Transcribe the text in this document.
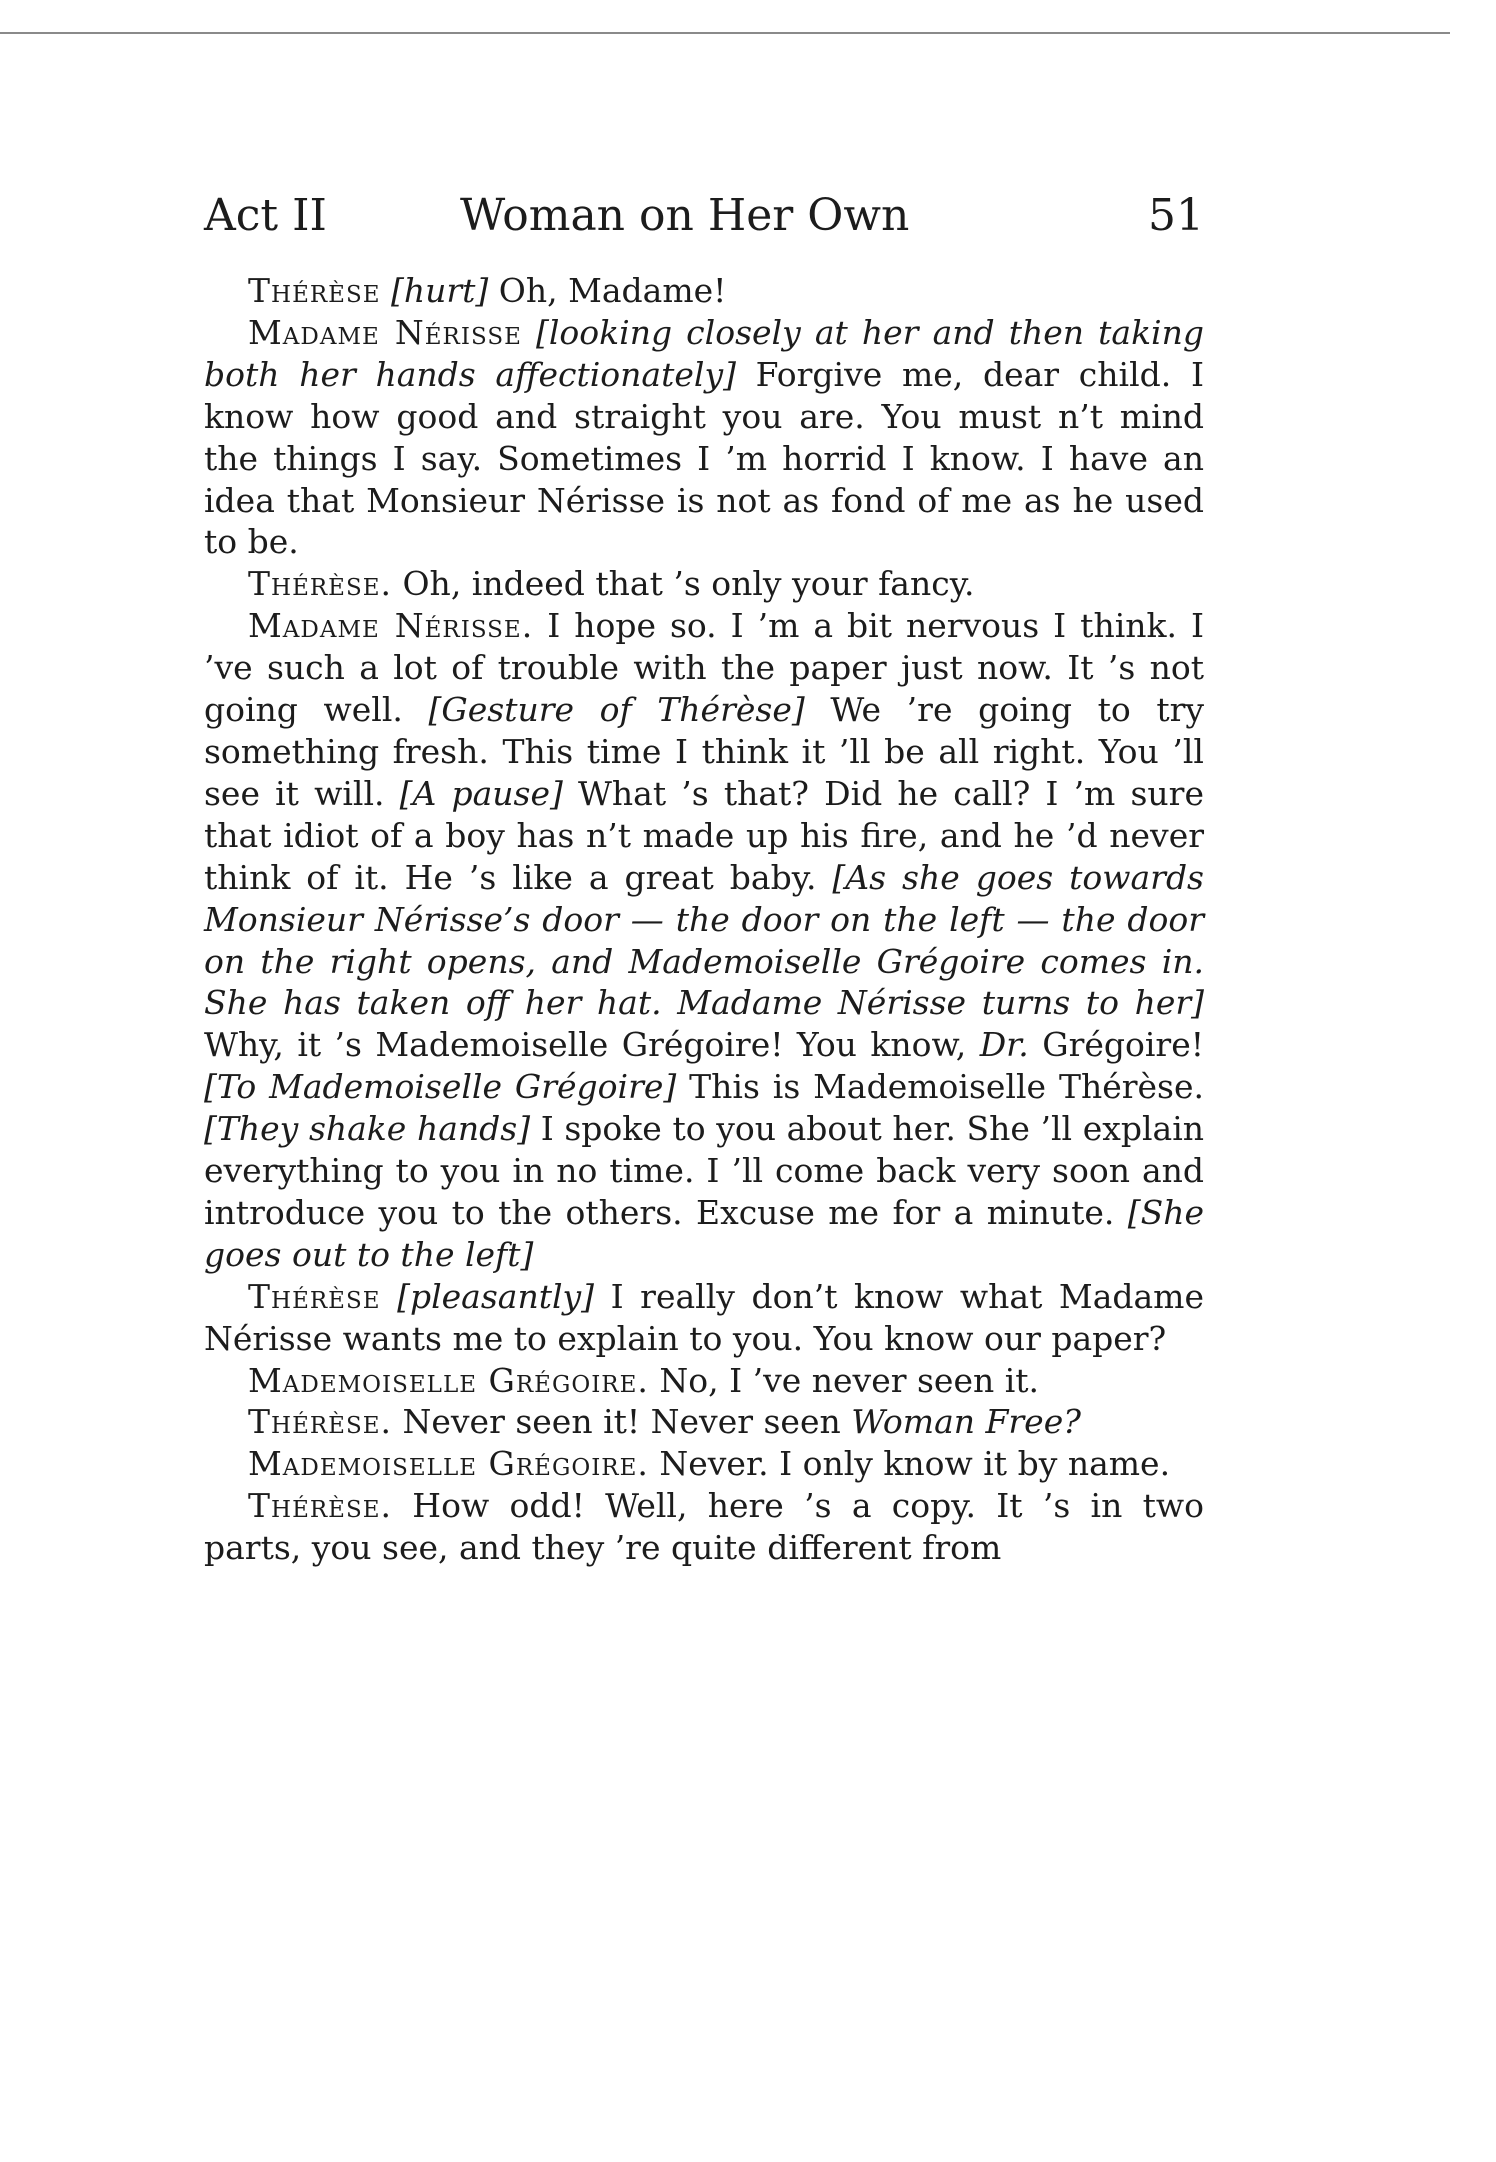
Act II	Woman on Her Own	51

Thérèse [hurt] Oh, Madame!

Madame Nérisse [looking closely at her and then taking both her hands affectionately] Forgive me, dear child. I know how good and straight you are. You must n’t mind the things I say. Sometimes I ’m horrid I know. I have an idea that Monsieur Nérisse is not as fond of me as he used to be.

Thérèse. Oh, indeed that ’s only your fancy.

Madame Nérisse. I hope so. I ’m a bit nervous I think. I ’ve such a lot of trouble with the paper just now. It ’s not going well. [Gesture of Thérèse] We ’re going to try something fresh. This time I think it ’ll be all right. You ’ll see it will. [A pause] What ’s that? Did he call? I ’m sure that idiot of a boy has n’t made up his fire, and he ’d never think of it. He ’s like a great baby. [As she goes towards Monsieur Nérisse’s door — the door on the left — the door on the right opens, and Mademoiselle Grégoire comes in. She has taken off her hat. Madame Nérisse turns to her] Why, it ’s Mademoiselle Grégoire! You know, Dr. Grégoire! [To Mademoiselle Grégoire] This is Mademoiselle Thérèse. [They shake hands] I spoke to you about her. She ’ll explain everything to you in no time. I ’ll come back very soon and introduce you to the others. Excuse me for a minute. [She goes out to the left]

Thérèse [pleasantly] I really don’t know what Madame Nérisse wants me to explain to you. You know our paper?

Mademoiselle Grégoire. No, I ’ve never seen it.

Thérèse. Never seen it! Never seen Woman Free?

Mademoiselle Grégoire. Never. I only know it by name.

Thérèse. How odd! Well, here ’s a copy. It ’s in two parts, you see, and they ’re quite different from
